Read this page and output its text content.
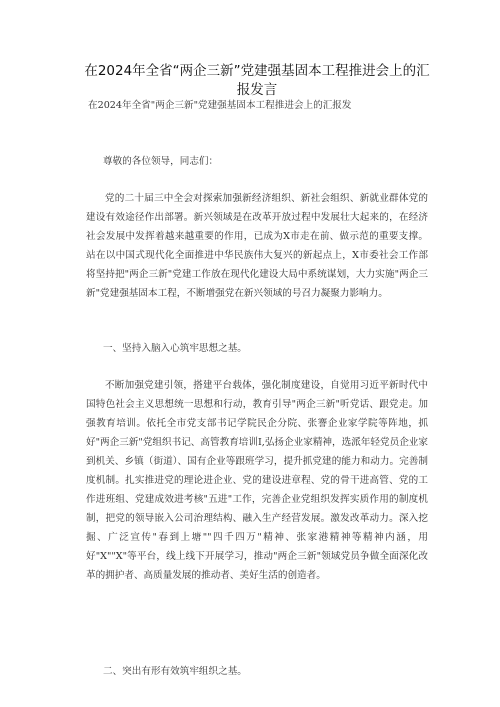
在2024年全省“两企三新”党建强基固本工程推进会上的汇报发言

在2024年全省"两企三新"党建强基固本工程推进会上的汇报发

尊敬的各位领导，同志们：

党的二十届三中全会对探索加强新经济组织、新社会组织、新就业群体党的建设有效途径作出部署。新兴领域是在改革开放过程中发展壮大起来的，在经济社会发展中发挥着越来越重要的作用，已成为X市走在前、做示范的重要支撑。站在以中国式现代化全面推进中华民族伟大复兴的新起点上，X市委社会工作部将坚持把"两企三新"党建工作放在现代化建设大局中系统谋划，大力实施"两企三新"党建强基固本工程，不断增强党在新兴领域的号召力凝聚力影响力。

一、坚持入脑入心筑牢思想之基。

不断加强党建引领，搭建平台载体，强化制度建设，自觉用习近平新时代中国特色社会主义思想统一思想和行动，教育引导"两企三新"听党话、跟党走。加强教育培训。依托全市党支部书记学院民企分院、张謇企业家学院等阵地，抓好"两企三新"党组织书记、高管教育培训I,弘扬企业家精神，选派年轻党员企业家到机关、乡镇（街道）、国有企业等跟班学习，提升抓党建的能力和动力。完善制度机制。扎实推进党的理论进企业、党的建设进章程、党的骨干进高管、党的工作进班组、党建成效进考核"五进"工作，完善企业党组织发挥实质作用的制度机制，把党的领导嵌入公司治理结构、融入生产经营发展。激发改革动力。深入挖掘、广泛宣传"春到上塘""四千四万"精神、张家港精神等精神内涵，用好"X""X"等平台，线上线下开展学习，推动"两企三新"领域党员争做全面深化改革的拥护者、高质量发展的推动者、美好生活的创造者。

二、突出有形有效筑牢组织之基。
